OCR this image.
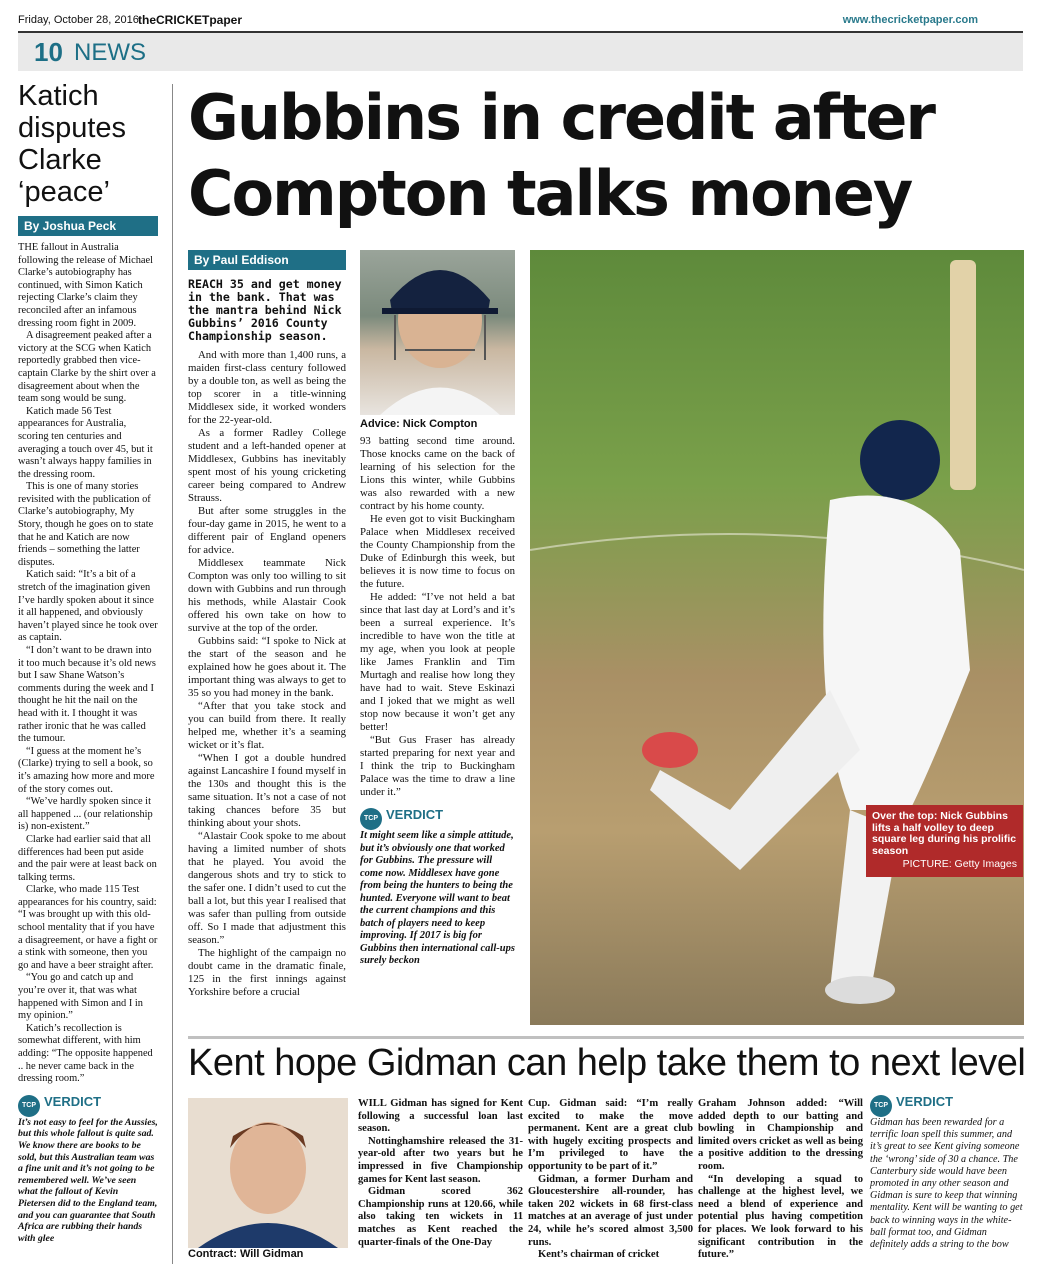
Friday, October 28, 2016 theCRICKETpaper	www.thecricketpaper.com
10 NEWS
Katich disputes Clarke ‘peace’
By Joshua Peck

THE fallout in Australia following the release of Michael Clarke’s autobiography has continued, with Simon Katich rejecting Clarke’s claim they reconciled after an infamous dressing room fight in 2009.

A disagreement peaked after a victory at the SCG when Katich reportedly grabbed then vice-captain Clarke by the shirt over a disagreement about when the team song would be sung.

Katich made 56 Test appearances for Australia, scoring ten centuries and averaging a touch over 45, but it wasn’t always happy families in the dressing room.

This is one of many stories revisited with the publication of Clarke’s autobiography, My Story, though he goes on to state that he and Katich are now friends – something the latter disputes.

Katich said: “It’s a bit of a stretch of the imagination given I’ve hardly spoken about it since it all happened, and obviously haven’t played since he took over as captain.

“I don’t want to be drawn into it too much because it’s old news but I saw Shane Watson’s comments during the week and I thought he hit the nail on the head with it. I thought it was rather ironic that he was called the tumour.

“I guess at the moment he’s (Clarke) trying to sell a book, so it’s amazing how more and more of the story comes out.

“We’ve hardly spoken since it all happened ... (our relationship is) non-existent.”

Clarke had earlier said that all differences had been put aside and the pair were at least back on talking terms.

Clarke, who made 115 Test appearances for his country, said: “I was brought up with this old-school mentality that if you have a disagreement, or have a fight or a stink with someone, then you go and have a beer straight after.

“You go and catch up and you’re over it, that was what happened with Simon and I in my opinion.”

Katich’s recollection is somewhat different, with him adding: “The opposite happened .. he never came back in the dressing room.”

TCP VERDICT
It’s not easy to feel for the Aussies, but this whole fallout is quite sad. We know there are books to be sold, but this Australian team was a fine unit and it’s not going to be remembered well. We’ve seen what the fallout of Kevin Pietersen did to the England team, and you can guarantee that South Africa are rubbing their hands with glee
Gubbins in credit after Compton talks money
By Paul Eddison
REACH 35 and get money in the bank. That was the mantra behind Nick Gubbins’ 2016 County Championship season.

And with more than 1,400 runs, a maiden first-class century followed by a double ton, as well as being the top scorer in a title-winning Middlesex side, it worked wonders for the 22-year-old.

As a former Radley College student and a left-handed opener at Middlesex, Gubbins has inevitably spent most of his young cricketing career being compared to Andrew Strauss.

But after some struggles in the four-day game in 2015, he went to a different pair of England openers for advice.

Middlesex teammate Nick Compton was only too willing to sit down with Gubbins and run through his methods, while Alastair Cook offered his own take on how to survive at the top of the order.

Gubbins said: “I spoke to Nick at the start of the season and he explained how he goes about it. The important thing was always to get to 35 so you had money in the bank.

“After that you take stock and you can build from there. It really helped me, whether it’s a seaming wicket or it’s flat.

“When I got a double hundred against Lancashire I found myself in the 130s and thought this is the same situation. It’s not a case of not taking chances before 35 but thinking about your shots.

“Alastair Cook spoke to me about having a limited number of shots that he played. You avoid the dangerous shots and try to stick to the safer one. I didn’t used to cut the ball a lot, but this year I realised that was safer than pulling from outside off. So I made that adjustment this season.”

The highlight of the campaign no doubt came in the dramatic finale, 125 in the first innings against Yorkshire before a crucial

Advice: Nick Compton

93 batting second time around. Those knocks came on the back of learning of his selection for the Lions this winter, while Gubbins was also rewarded with a new contract by his home county.

He even got to visit Buckingham Palace when Middlesex received the County Championship from the Duke of Edinburgh this week, but believes it is now time to focus on the future.

He added: “I’ve not held a bat since that last day at Lord’s and it’s been a surreal experience. It’s incredible to have won the title at my age, when you look at people like James Franklin and Tim Murtagh and realise how long they have had to wait. Steve Eskinazi and I joked that we might as well stop now because it won’t get any better!

“But Gus Fraser has already started preparing for next year and I think the trip to Buckingham Palace was the time to draw a line under it.”

TCP VERDICT
It might seem like a simple attitude, but it’s obviously one that worked for Gubbins. The pressure will come now. Middlesex have gone from being the hunters to being the hunted. Everyone will want to beat the current champions and this batch of players need to keep improving. If 2017 is big for Gubbins then international call-ups surely beckon
Over the top: Nick Gubbins lifts a half volley to deep square leg during his prolific season
PICTURE: Getty Images
Kent hope Gidman can help take them to next level
Contract: Will Gidman

WILL Gidman has signed for Kent following a successful loan last season.

Nottinghamshire released the 31-year-old after two years but he impressed in five Championship games for Kent last season.

Gidman scored 362 Championship runs at 120.66, while also taking ten wickets in 11 matches as Kent reached the quarter-finals of the One-Day

Cup. Gidman said: “I’m really excited to make the move permanent. Kent are a great club with hugely exciting prospects and I’m privileged to have the opportunity to be part of it.”

Gidman, a former Durham and Gloucestershire all-rounder, has taken 202 wickets in 68 first-class matches at an average of just under 24, while he’s scored almost 3,500 runs.

Kent’s chairman of cricket

Graham Johnson added: “Will added depth to our batting and bowling in Championship and limited overs cricket as well as being a positive addition to the dressing room.

“In developing a squad to challenge at the highest level, we need a blend of experience and potential plus having competition for places. We look forward to his significant contribution in the future.”

TCP VERDICT
Gidman has been rewarded for a terrific loan spell this summer, and it’s great to see Kent giving someone the ‘wrong’ side of 30 a chance. The Canterbury side would have been promoted in any other season and Gidman is sure to keep that winning mentality. Kent will be wanting to get back to winning ways in the white-ball format too, and Gidman definitely adds a string to the bow
